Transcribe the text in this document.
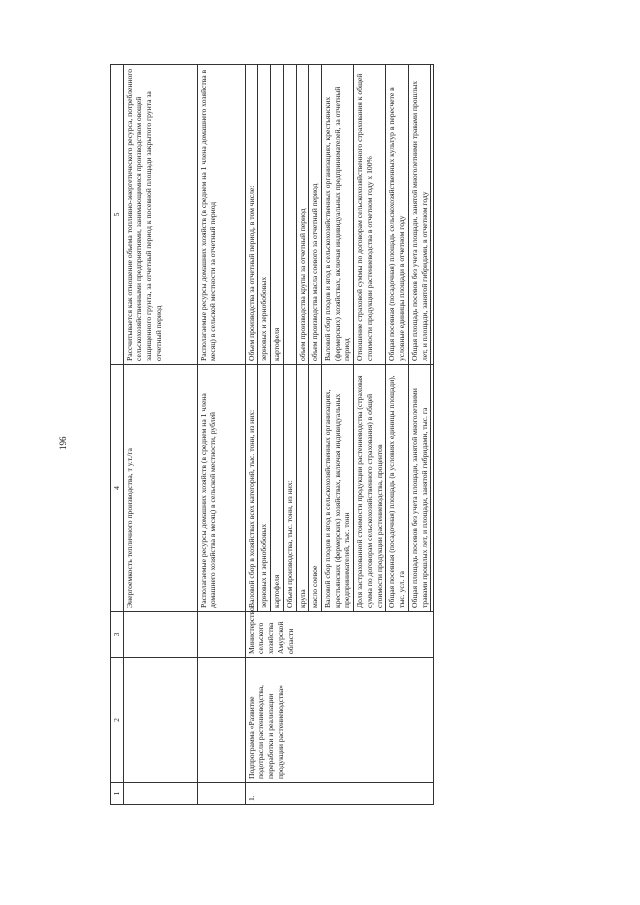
196
1	2	3	4	5
			Энергоемкость тепличного производства, т у.т./га	Рассчитывается как отношение объема топливно-энергетического ресурса, потребленного сельскохозяйственными предприятиями, занимающимися производством овощей защищенного грунта, за отчетный период к посевной площади закрытого грунта за отчетный период
			Располагаемые ресурсы домашних хозяйств (в среднем на 1 члена домашнего хозяйства в месяц) в сельской местности, рублей	Располагаемые ресурсы домашних хозяйств (в среднем на 1 члена домашнего хозяйства в месяц) в сельской местности за отчетный период
1.	Подпрограмма «Развитие подотрасли растениеводства, переработки и реализации продукции растениеводства»	Министерство сельского хозяйства Амурской области	Валовой сбор в хозяйствах всех категорий, тыс. тонн, из них:	Объем производства за отчетный период, в том числе:
			зерновых и зернобобовых	зерновых и зернобобовых
			картофеля	картофеля
			Объем производства, тыс. тонн, из них:	
			крупа	объем производства крупы за отчетный период
			масло соевое	объем производства масла соевого за отчетный период
			Валовой сбор плодов и ягод в сельскохозяйственных организациях, крестьянских (фермерских) хозяйствах, включая индивидуальных предпринимателей, тыс. тонн	Валовой сбор плодов и ягод в сельскохозяйственных организациях, крестьянских (фермерских) хозяйствах, включая индивидуальных предпринимателей, за отчетный период
			Доля застрахованной стоимости продукции растениеводства (страховая сумма по договорам сельскохозяйственного страхования) в общей стоимости продукции растениеводства, процентов	Отношение страховой суммы по договорам сельскохозяйственного страхования к общей стоимости продукции растениеводства в отчетном году х 100%
			Общая посевная (посадочная) площадь (в условиях единицы площади), тыс. усл. га	Общая посевная (посадочная) площадь сельскохозяйственных культур в пересчете в условные единицы площади в отчетном году
			Общая площадь посевов без учета площади, занятой многолетними травами прошлых лет, и площади, занятой гибридами, тыс. га	Общая площадь посевов без учета площади, занятой многолетними травами прошлых лет, и площади, занятой гибридами, в отчетном году
